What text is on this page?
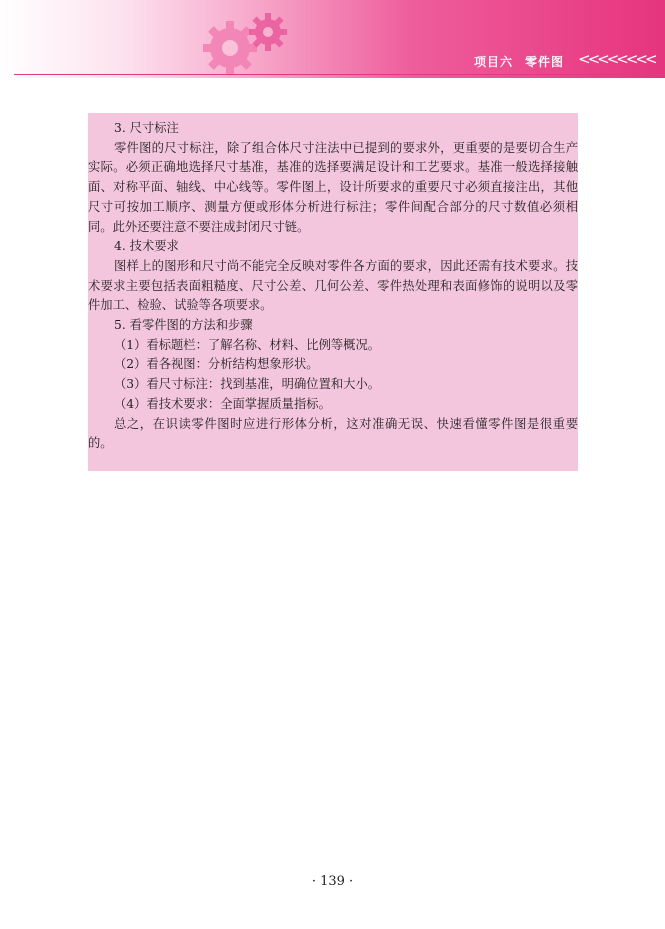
项目六 零件图 <<<<<<<<

3. 尺寸标注

零件图的尺寸标注，除了组合体尺寸注法中已提到的要求外，更重要的是要切合生产实际。必须正确地选择尺寸基准，基准的选择要满足设计和工艺要求。基准一般选择接触面、对称平面、轴线、中心线等。零件图上，设计所要求的重要尺寸必须直接注出，其他尺寸可按加工顺序、测量方便或形体分析进行标注；零件间配合部分的尺寸数值必须相同。此外还要注意不要注成封闭尺寸链。

4. 技术要求

图样上的图形和尺寸尚不能完全反映对零件各方面的要求，因此还需有技术要求。技术要求主要包括表面粗糙度、尺寸公差、几何公差、零件热处理和表面修饰的说明以及零件加工、检验、试验等各项要求。

5. 看零件图的方法和步骤

（1）看标题栏：了解名称、材料、比例等概况。

（2）看各视图：分析结构想象形状。

（3）看尺寸标注：找到基准，明确位置和大小。

（4）看技术要求：全面掌握质量指标。

总之，在识读零件图时应进行形体分析，这对准确无误、快速看懂零件图是很重要的。

· 139 ·
